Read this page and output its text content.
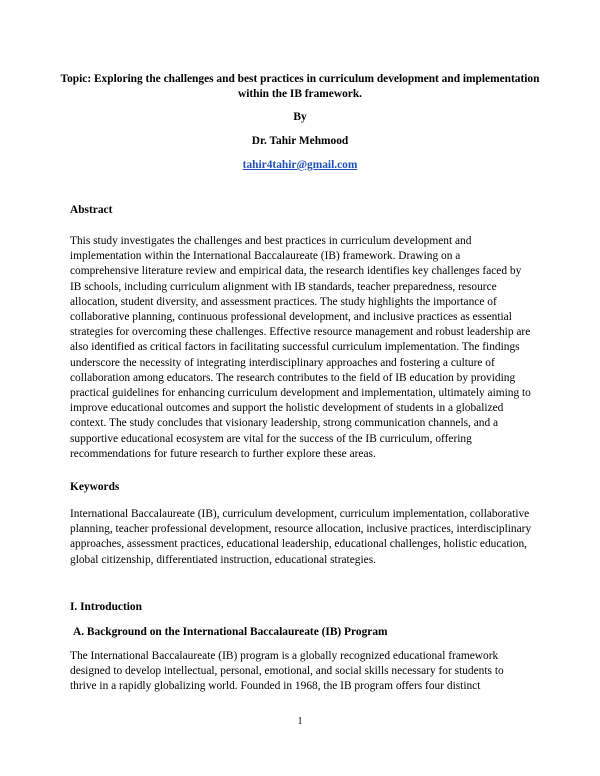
Topic: Exploring the challenges and best practices in curriculum development and implementation within the IB framework.
By
Dr. Tahir Mehmood
tahir4tahir@gmail.com
Abstract

This study investigates the challenges and best practices in curriculum development and implementation within the International Baccalaureate (IB) framework. Drawing on a comprehensive literature review and empirical data, the research identifies key challenges faced by IB schools, including curriculum alignment with IB standards, teacher preparedness, resource allocation, student diversity, and assessment practices. The study highlights the importance of collaborative planning, continuous professional development, and inclusive practices as essential strategies for overcoming these challenges. Effective resource management and robust leadership are also identified as critical factors in facilitating successful curriculum implementation. The findings underscore the necessity of integrating interdisciplinary approaches and fostering a culture of collaboration among educators. The research contributes to the field of IB education by providing practical guidelines for enhancing curriculum development and implementation, ultimately aiming to improve educational outcomes and support the holistic development of students in a globalized context. The study concludes that visionary leadership, strong communication channels, and a supportive educational ecosystem are vital for the success of the IB curriculum, offering recommendations for future research to further explore these areas.

Keywords

International Baccalaureate (IB), curriculum development, curriculum implementation, collaborative planning, teacher professional development, resource allocation, inclusive practices, interdisciplinary approaches, assessment practices, educational leadership, educational challenges, holistic education, global citizenship, differentiated instruction, educational strategies.

I. Introduction
A. Background on the International Baccalaureate (IB) Program

The International Baccalaureate (IB) program is a globally recognized educational framework designed to develop intellectual, personal, emotional, and social skills necessary for students to thrive in a rapidly globalizing world. Founded in 1968, the IB program offers four distinct

1
